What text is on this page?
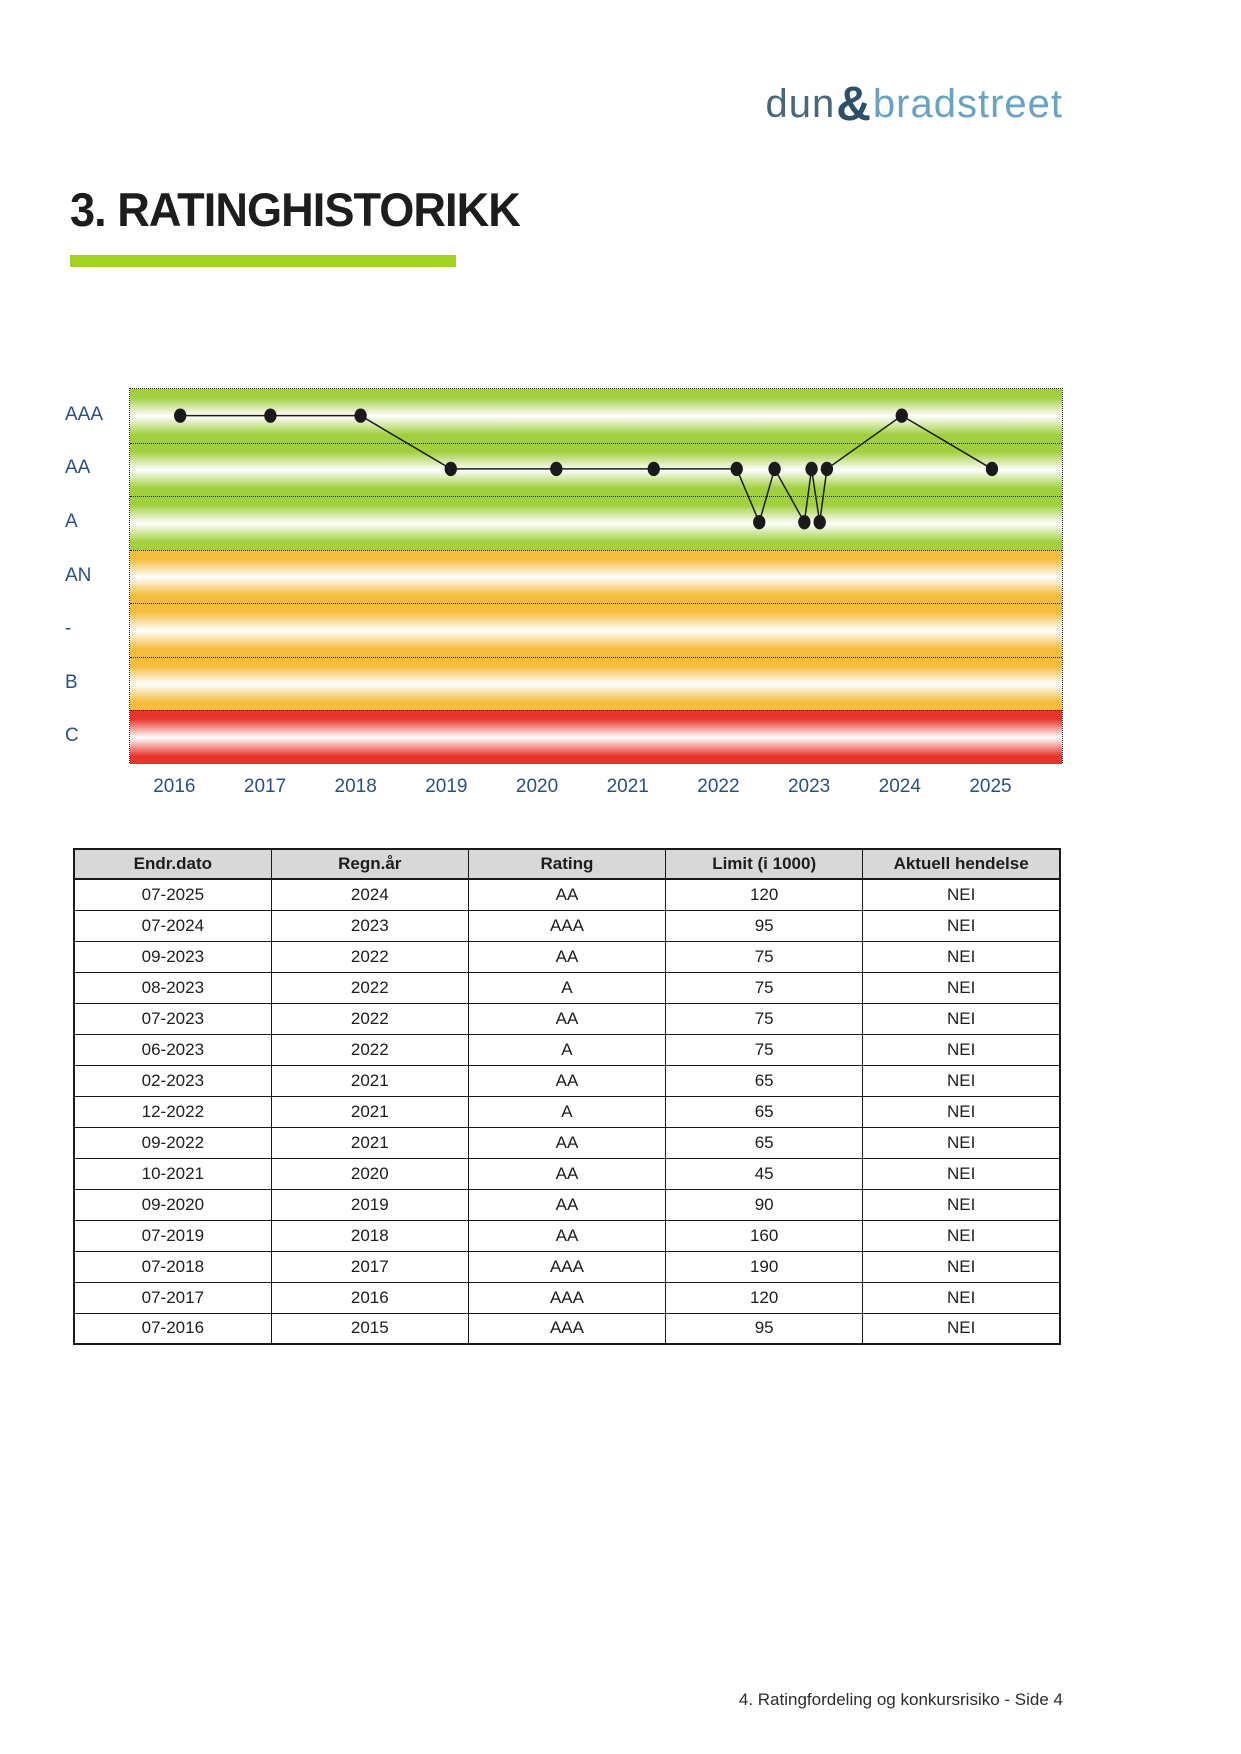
dun&bradstreet
3. RATINGHISTORIKK
AAA
AA
A
AN
-
B
C
2016	2017	2018	2019	2020	2021	2022	2023	2024	2025
Endr.dato	Regn.år	Rating	Limit (i 1000)	Aktuell hendelse
07-2025	2024	AA	120	NEI
07-2024	2023	AAA	95	NEI
09-2023	2022	AA	75	NEI
08-2023	2022	A	75	NEI
07-2023	2022	AA	75	NEI
06-2023	2022	A	75	NEI
02-2023	2021	AA	65	NEI
12-2022	2021	A	65	NEI
09-2022	2021	AA	65	NEI
10-2021	2020	AA	45	NEI
09-2020	2019	AA	90	NEI
07-2019	2018	AA	160	NEI
07-2018	2017	AAA	190	NEI
07-2017	2016	AAA	120	NEI
07-2016	2015	AAA	95	NEI
4. Ratingfordeling og konkursrisiko - Side 4
